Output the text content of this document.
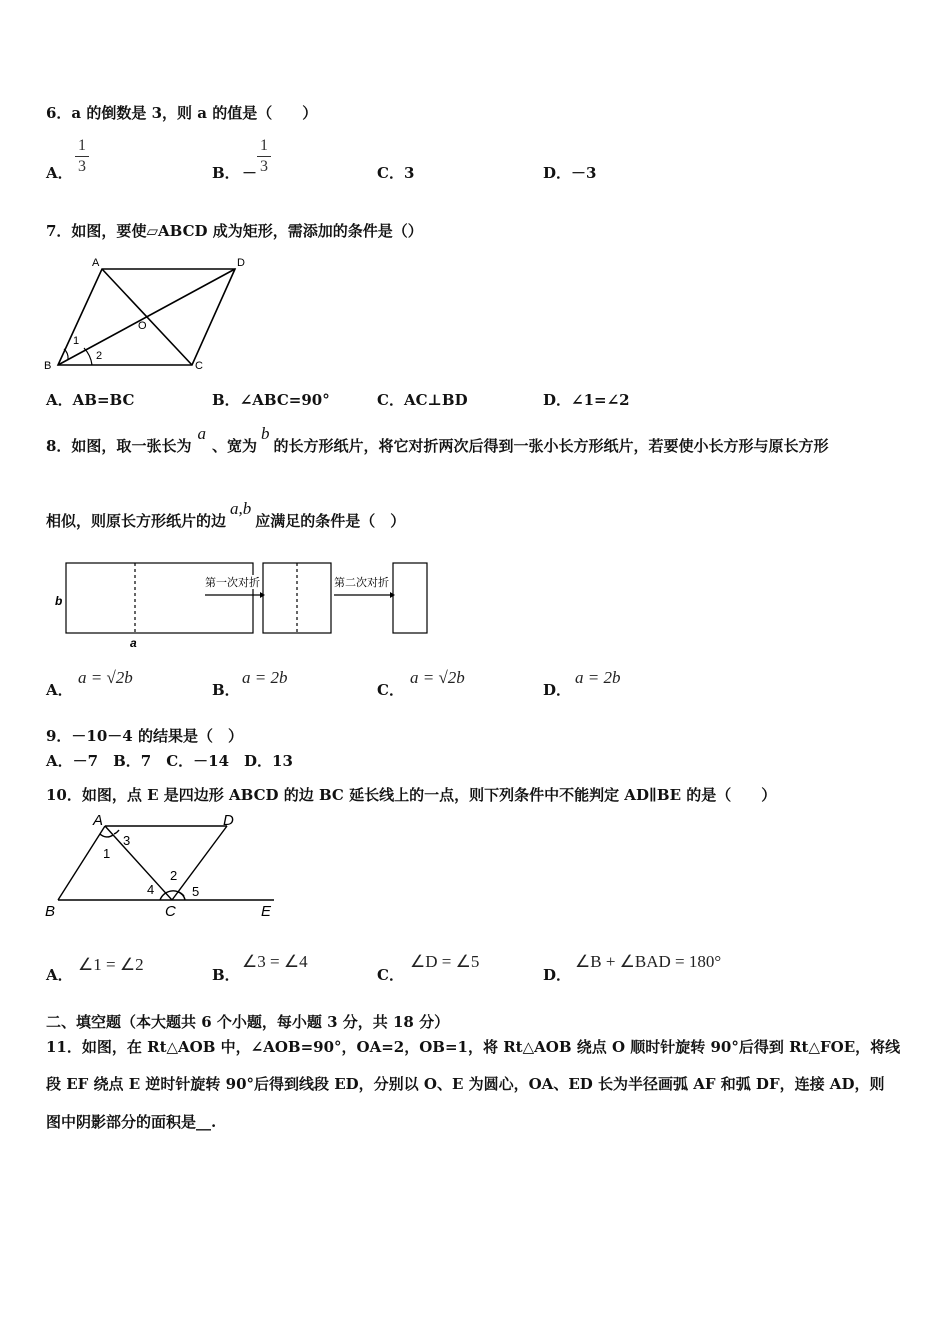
6．a 的倒数是 3，则 a 的值是（　　）
A．
1
3	B． －
1
3	C．3	D．－3
7．如图，要使▱ABCD 成为矩形，需添加的条件是（）
A	D
B	C
O
1
2
A．AB=BC	B．∠ABC=90°	C．AC⊥BD	D．∠1=∠2
8．如图，取一张长为a、宽为b的长方形纸片，将它对折两次后得到一张小长方形纸片，若要使小长方形与原长方形
相似，则原长方形纸片的边a,b应满足的条件是（　）
第一次对折	第二次对折
b
a
A．
a = √2b
B．
a = 2b
C．
a = √2b
D．
a = 2b
9．－10－4 的结果是（　）
A．－7　B．7　C．－14　D．13
10．如图，点 E 是四边形 ABCD 的边 BC 延长线上的一点，则下列条件中不能判定 AD∥BE 的是（　　）
A	D
B	C	E
1
3
2
4	5
A．
∠1 = ∠2
B．
∠3 = ∠4
C．
∠D = ∠5
D．
∠B + ∠BAD = 180°
二、填空题（本大题共 6 个小题，每小题 3 分，共 18 分）
11．如图，在 Rt△AOB 中，∠AOB=90°，OA=2，OB=1，将 Rt△AOB 绕点 O 顺时针旋转 90°后得到 Rt△FOE，将线
段 EF 绕点 E 逆时针旋转 90°后得到线段 ED，分别以 O、E 为圆心，OA、ED 长为半径画弧 AF 和弧 DF，连接 AD，则
图中阴影部分的面积是__.
